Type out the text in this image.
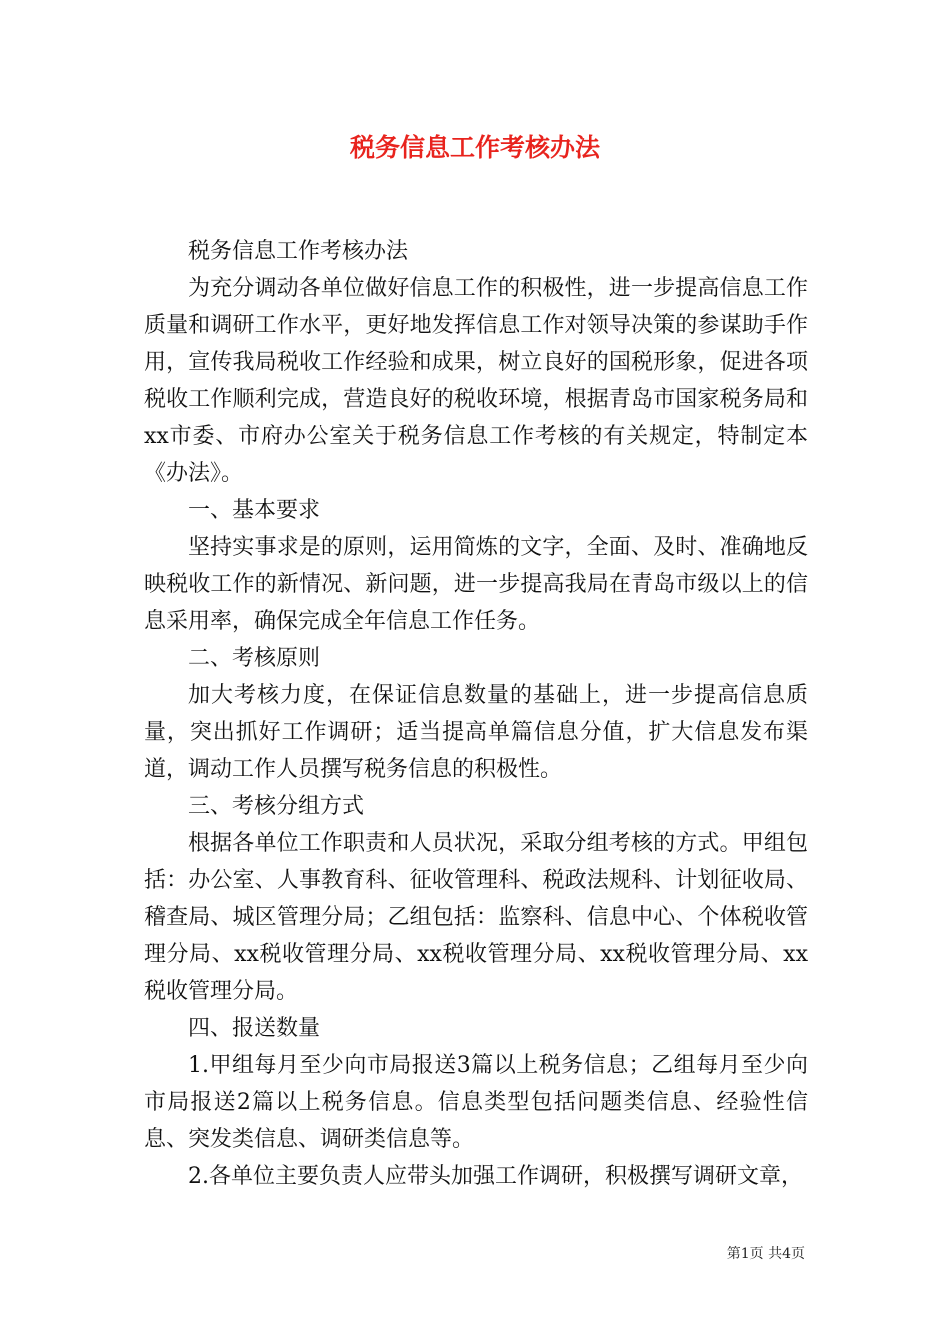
税务信息工作考核办法

税务信息工作考核办法

为充分调动各单位做好信息工作的积极性，进一步提高信息工作质量和调研工作水平，更好地发挥信息工作对领导决策的参谋助手作用，宣传我局税收工作经验和成果，树立良好的国税形象，促进各项税收工作顺利完成，营造良好的税收环境，根据青岛市国家税务局和xx市委、市府办公室关于税务信息工作考核的有关规定，特制定本《办法》。

一、基本要求

坚持实事求是的原则，运用简炼的文字，全面、及时、准确地反映税收工作的新情况、新问题，进一步提高我局在青岛市级以上的信息采用率，确保完成全年信息工作任务。

二、考核原则

加大考核力度，在保证信息数量的基础上，进一步提高信息质量，突出抓好工作调研；适当提高单篇信息分值，扩大信息发布渠道，调动工作人员撰写税务信息的积极性。

三、考核分组方式

根据各单位工作职责和人员状况，采取分组考核的方式。甲组包括：办公室、人事教育科、征收管理科、税政法规科、计划征收局、稽查局、城区管理分局；乙组包括：监察科、信息中心、个体税收管理分局、xx税收管理分局、xx税收管理分局、xx税收管理分局、xx税收管理分局。

四、报送数量

1.甲组每月至少向市局报送3篇以上税务信息；乙组每月至少向市局报送2篇以上税务信息。信息类型包括问题类信息、经验性信息、突发类信息、调研类信息等。

2.各单位主要负责人应带头加强工作调研，积极撰写调研文章，

第1页 共4页
